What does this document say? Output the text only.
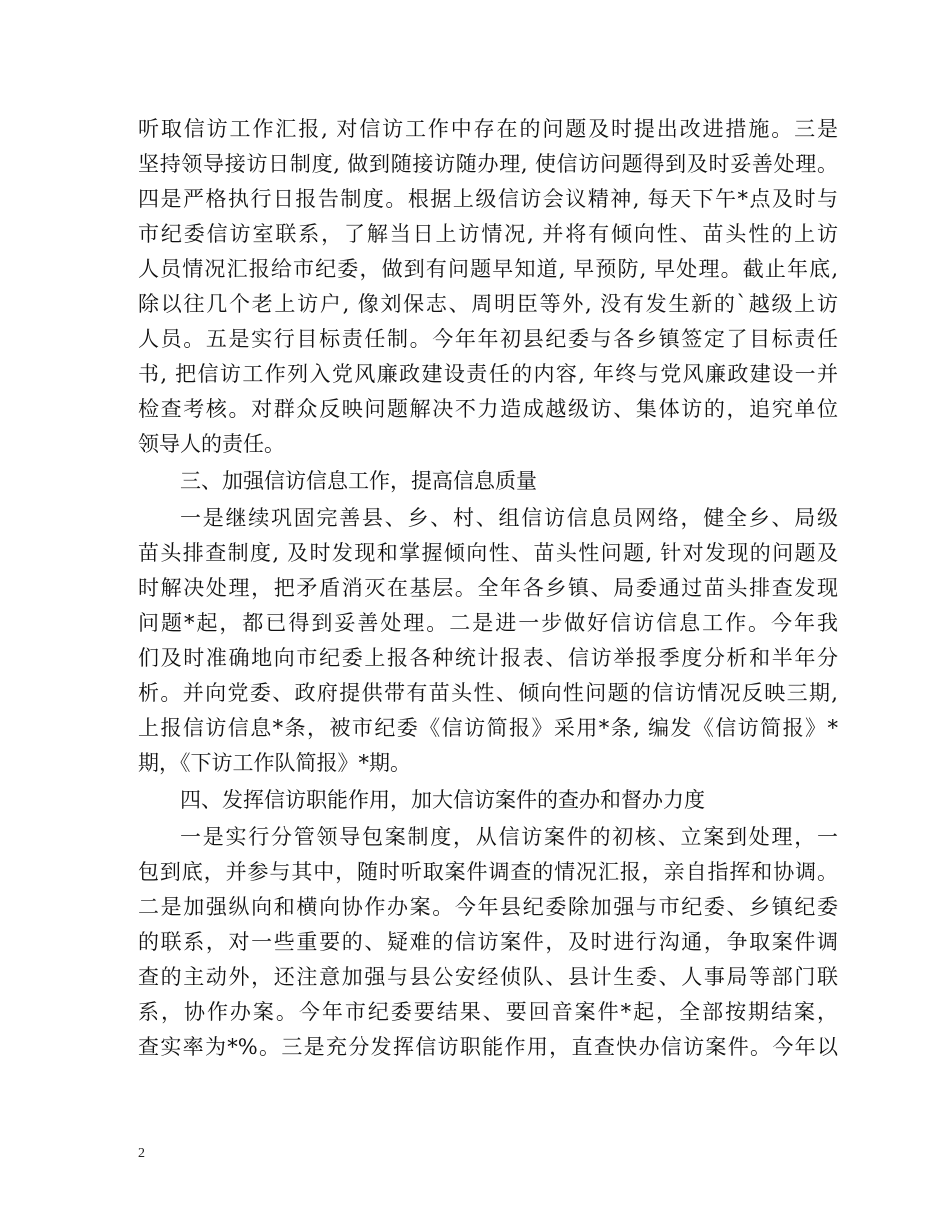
听取信访工作汇报, 对信访工作中存在的问题及时提出改进措施。三是
坚持领导接访日制度, 做到随接访随办理, 使信访问题得到及时妥善处理。
四是严格执行日报告制度。根据上级信访会议精神, 每天下午*点及时与
市纪委信访室联系，了解当日上访情况, 并将有倾向性、苗头性的上访
人员情况汇报给市纪委，做到有问题早知道, 早预防, 早处理。截止年底,
除以往几个老上访户, 像刘保志、周明臣等外, 没有发生新的`越级上访
人员。五是实行目标责任制。今年年初县纪委与各乡镇签定了目标责任
书, 把信访工作列入党风廉政建设责任的内容, 年终与党风廉政建设一并
检查考核。对群众反映问题解决不力造成越级访、集体访的，追究单位
领导人的责任。
三、加强信访信息工作，提高信息质量
一是继续巩固完善县、乡、村、组信访信息员网络，健全乡、局级
苗头排查制度, 及时发现和掌握倾向性、苗头性问题, 针对发现的问题及
时解决处理，把矛盾消灭在基层。全年各乡镇、局委通过苗头排查发现
问题*起，都已得到妥善处理。二是进一步做好信访信息工作。今年我
们及时准确地向市纪委上报各种统计报表、信访举报季度分析和半年分
析。并向党委、政府提供带有苗头性、倾向性问题的信访情况反映三期,
上报信访信息*条，被市纪委《信访简报》采用*条, 编发《信访简报》*
期，《下访工作队简报》*期。
四、发挥信访职能作用，加大信访案件的查办和督办力度
一是实行分管领导包案制度，从信访案件的初核、立案到处理，一
包到底，并参与其中，随时听取案件调查的情况汇报，亲自指挥和协调。
二是加强纵向和横向协作办案。今年县纪委除加强与市纪委、乡镇纪委
的联系，对一些重要的、疑难的信访案件，及时进行沟通，争取案件调
查的主动外，还注意加强与县公安经侦队、县计生委、人事局等部门联
系，协作办案。今年市纪委要结果、要回音案件*起，全部按期结案，
查实率为*%。三是充分发挥信访职能作用，直查快办信访案件。今年以
2
